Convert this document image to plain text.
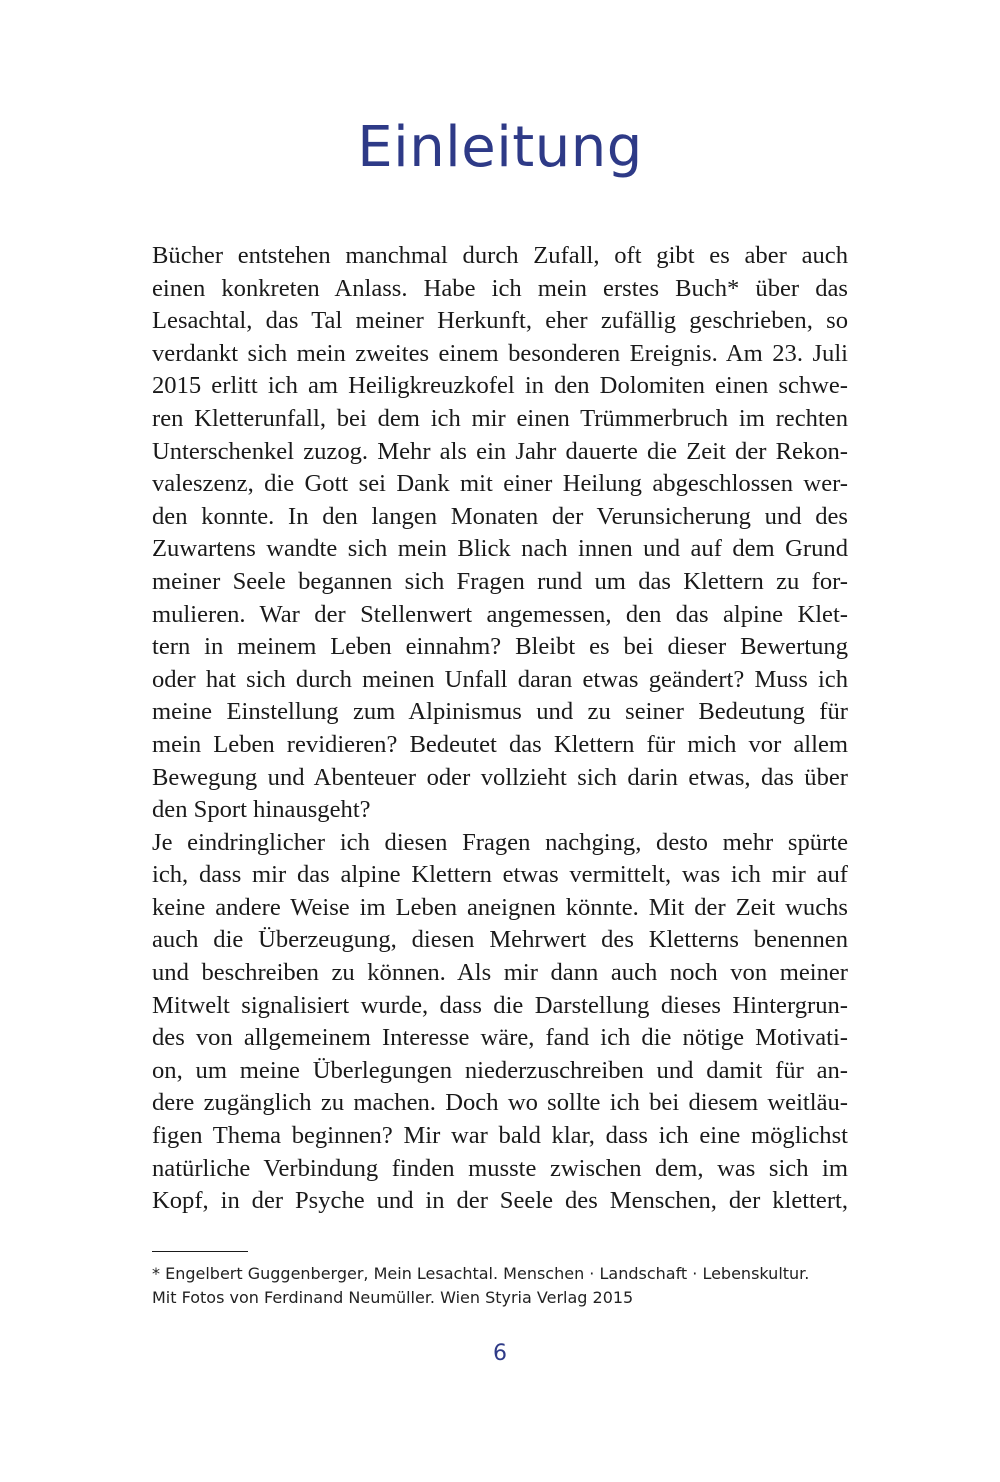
Einleitung
Bücher entstehen manchmal durch Zufall, oft gibt es aber auch
einen konkreten Anlass. Habe ich mein erstes Buch* über das
Lesachtal, das Tal meiner Herkunft, eher zufällig geschrieben, so
verdankt sich mein zweites einem besonderen Ereignis. Am 23. Juli
2015 erlitt ich am Heiligkreuzkofel in den Dolomiten einen schwe-
ren Kletterunfall, bei dem ich mir einen Trümmerbruch im rechten
Unterschenkel zuzog. Mehr als ein Jahr dauerte die Zeit der Rekon-
valeszenz, die Gott sei Dank mit einer Heilung abgeschlossen wer-
den konnte. In den langen Monaten der Verunsicherung und des
Zuwartens wandte sich mein Blick nach innen und auf dem Grund
meiner Seele begannen sich Fragen rund um das Klettern zu for-
mulieren. War der Stellenwert angemessen, den das alpine Klet-
tern in meinem Leben einnahm? Bleibt es bei dieser Bewertung
oder hat sich durch meinen Unfall daran etwas geändert? Muss ich
meine Einstellung zum Alpinismus und zu seiner Bedeutung für
mein Leben revidieren? Bedeutet das Klettern für mich vor allem
Bewegung und Abenteuer oder vollzieht sich darin etwas, das über
den Sport hinausgeht?
Je eindringlicher ich diesen Fragen nachging, desto mehr spürte
ich, dass mir das alpine Klettern etwas vermittelt, was ich mir auf
keine andere Weise im Leben aneignen könnte. Mit der Zeit wuchs
auch die Überzeugung, diesen Mehrwert des Kletterns benennen
und beschreiben zu können. Als mir dann auch noch von meiner
Mitwelt signalisiert wurde, dass die Darstellung dieses Hintergrun-
des von allgemeinem Interesse wäre, fand ich die nötige Motivati-
on, um meine Überlegungen niederzuschreiben und damit für an-
dere zugänglich zu machen. Doch wo sollte ich bei diesem weitläu-
figen Thema beginnen? Mir war bald klar, dass ich eine möglichst
natürliche Verbindung finden musste zwischen dem, was sich im
Kopf, in der Psyche und in der Seele des Menschen, der klettert,
* Engelbert Guggenberger, Mein Lesachtal. Menschen · Landschaft · Lebenskultur.
Mit Fotos von Ferdinand Neumüller. Wien Styria Verlag 2015
6
